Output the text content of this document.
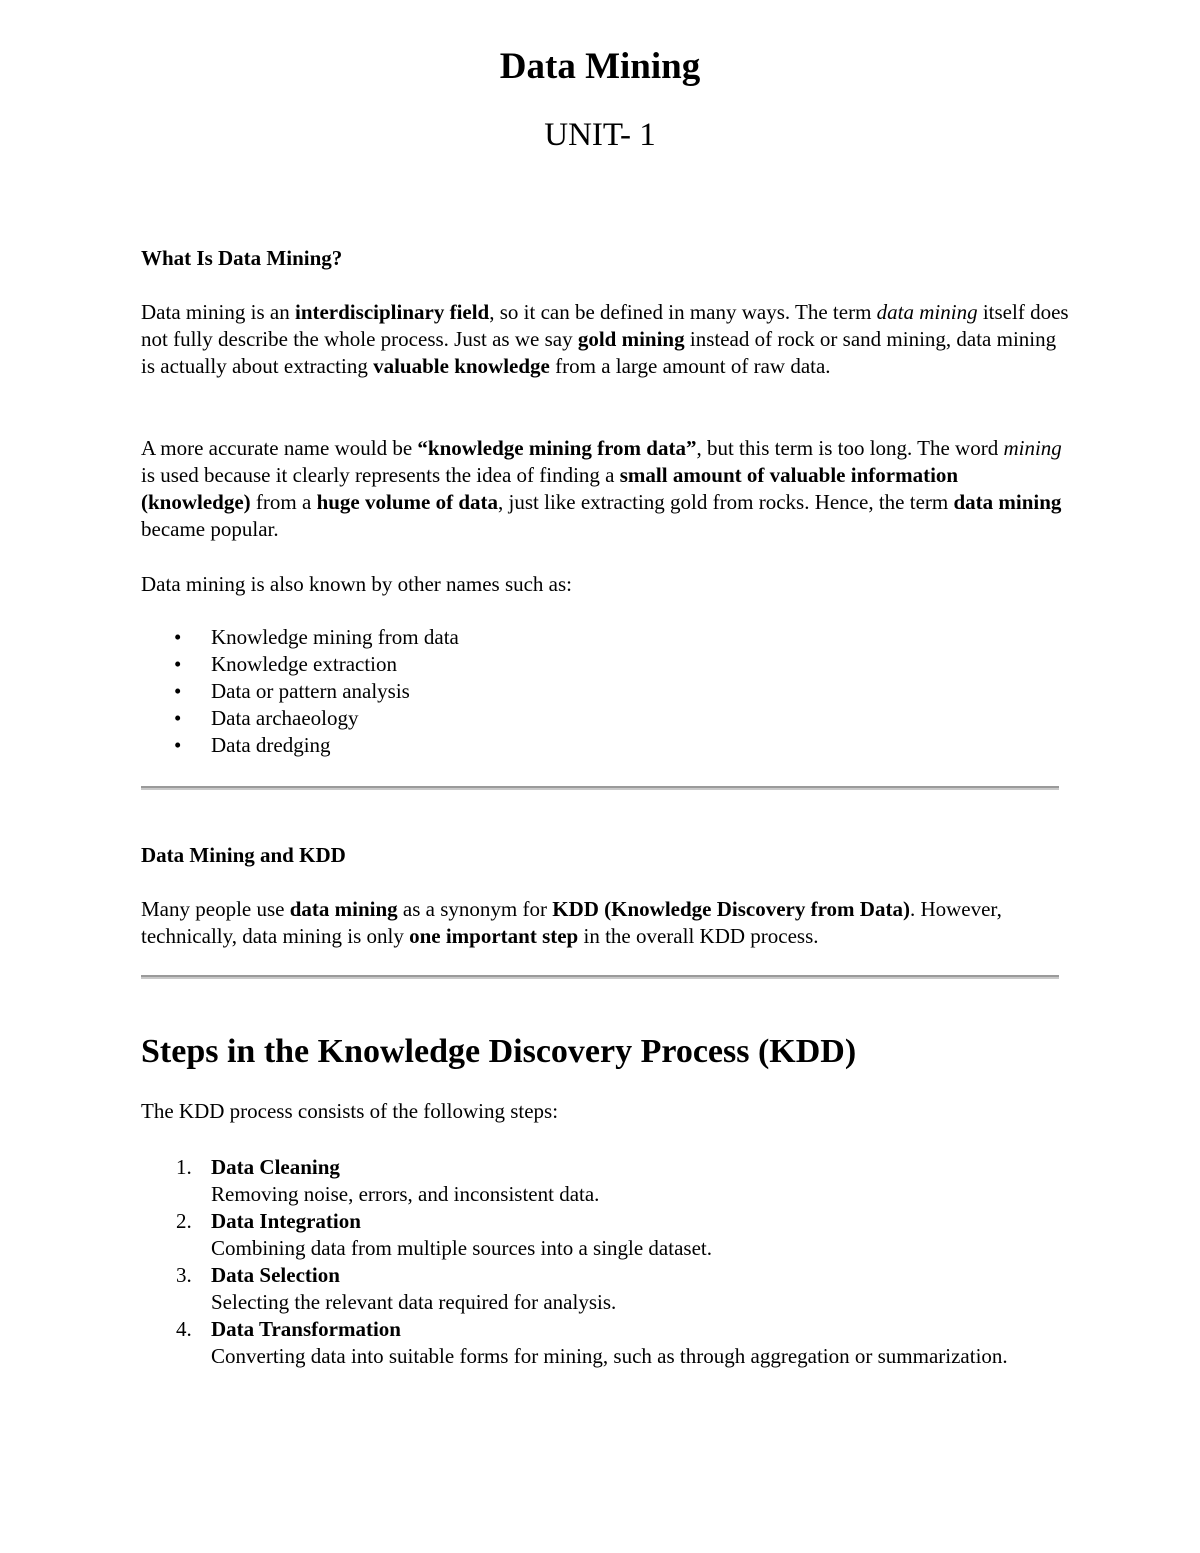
Data Mining
UNIT- 1
What Is Data Mining?

Data mining is an interdisciplinary field, so it can be defined in many ways. The term data mining itself does not fully describe the whole process. Just as we say gold mining instead of rock or sand mining, data mining is actually about extracting valuable knowledge from a large amount of raw data.

A more accurate name would be “knowledge mining from data”, but this term is too long. The word mining is used because it clearly represents the idea of finding a small amount of valuable information (knowledge) from a huge volume of data, just like extracting gold from rocks. Hence, the term data mining became popular.

Data mining is also known by other names such as:

• Knowledge mining from data
• Knowledge extraction
• Data or pattern analysis
• Data archaeology
• Data dredging
Data Mining and KDD

Many people use data mining as a synonym for KDD (Knowledge Discovery from Data). However, technically, data mining is only one important step in the overall KDD process.

Steps in the Knowledge Discovery Process (KDD)

The KDD process consists of the following steps:

1. Data Cleaning
Removing noise, errors, and inconsistent data.
2. Data Integration
Combining data from multiple sources into a single dataset.
3. Data Selection
Selecting the relevant data required for analysis.
4. Data Transformation
Converting data into suitable forms for mining, such as through aggregation or summarization.
